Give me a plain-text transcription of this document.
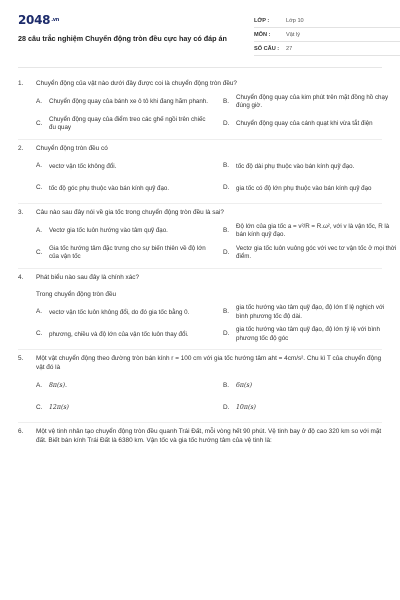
2048.vn
28 câu trắc nghiệm Chuyển động tròn đều cực hay có đáp án
LỚP :	Lớp 10
MÔN :	Vật lý
SỐ CÂU :	27
1.	Chuyển động của vật nào dưới đây được coi là chuyển động tròn đều?
A.	Chuyển động quay của bánh xe ô tô khi đang hãm phanh. B.
Chuyển động quay của kim phút trên mặt đồng hồ chạy đúng giờ.
C.
Chuyển động quay của điểm treo các ghế ngồi trên chiếc đu quay
D.	Chuyển động quay của cánh quạt khi vừa tắt điện
2.	Chuyển động tròn đều có
A.	vectơ vận tốc không đổi.	B.	tốc độ dài phụ thuộc vào bán kính quỹ đạo.
C.	tốc độ góc phụ thuộc vào bán kính quỹ đạo.	D.	gia tốc có độ lớn phụ thuộc vào bán kính quỹ đạo
3.	Câu nào sau đây nói về gia tốc trong chuyển động tròn đều là sai?
A.	Vectơ gia tốc luôn hướng vào tâm quỹ đạo.	B.
Độ lớn của gia tốc a = v²/R = R.ω², với v là vận tốc, R là bán kính quỹ đạo.
C.
Gia tốc hướng tâm đặc trưng cho sự biến thiên về độ lớn của vận tốc
D.
Vectơ gia tốc luôn vuông góc với vec tơ vận tốc ở mọi thời điểm.
4.	Phát biểu nào sau đây là chính xác?
Trong chuyển động tròn đều
A.	vectơ vận tốc luôn không đổi, do đó gia tốc bằng 0.	B.
gia tốc hướng vào tâm quỹ đạo, độ lớn tỉ lệ nghịch với bình phương tốc độ dài.
C.	phương, chiều và độ lớn của vận tốc luôn thay đổi.	D.
gia tốc hướng vào tâm quỹ đạo, độ lớn tỷ lệ với bình phương tốc độ góc
5.	Một vật chuyển động theo đường tròn bán kính r = 100 cm với gia tốc hướng tâm aht = 4cm/s². Chu kì T của chuyển động vật đó là
A.	8π(s).	B.	6π(s)
C.	12π(s)	D.	10π(s)
6.	Một vệ tinh nhân tạo chuyển động tròn đều quanh Trái Đất, mỗi vòng hết 90 phút. Vệ tinh bay ở độ cao 320 km so với mặt đất. Biết bán kính Trái Đất là 6380 km. Vận tốc và gia tốc hướng tâm của vệ tinh là:
